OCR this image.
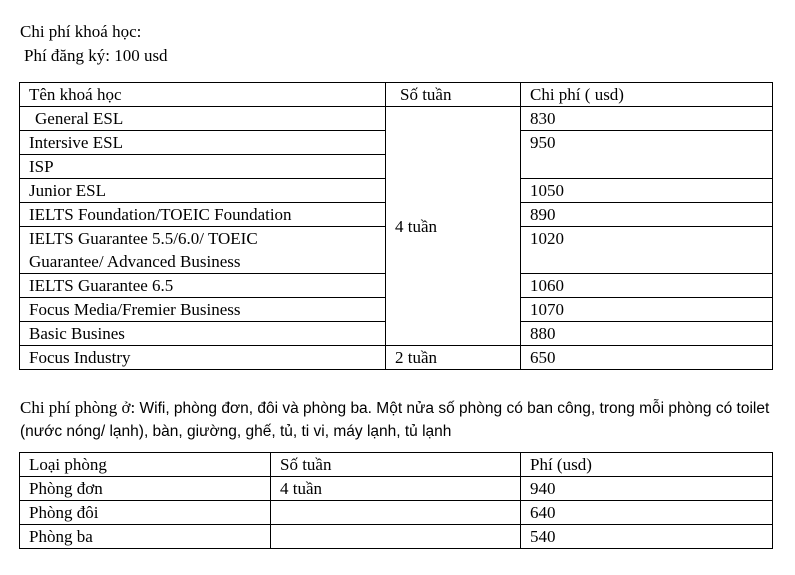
Chi phí khoá học:
Phí đăng ký: 100 usd
Tên khoá học	Số tuần	Chi phí ( usd)
General ESL	4 tuần	830
Intersive ESL		950
ISP		
Junior ESL		1050
IELTS Foundation/TOEIC Foundation		890
IELTS Guarantee 5.5/6.0/ TOEIC Guarantee/ Advanced Business		1020
IELTS Guarantee 6.5		1060
Focus Media/Fremier Business		1070
Basic Busines		880
Focus Industry	2 tuần	650
Chi phí phòng ở: Wifi, phòng đơn, đôi và phòng ba. Một nửa số phòng có ban công, trong mỗi phòng có toilet (nước nóng/ lạnh), bàn, giường, ghế, tủ, ti vi, máy lạnh, tủ lạnh
Loại phòng	Số tuần	Phí (usd)
Phòng đơn	4 tuần	940
Phòng đôi		640
Phòng ba		540
